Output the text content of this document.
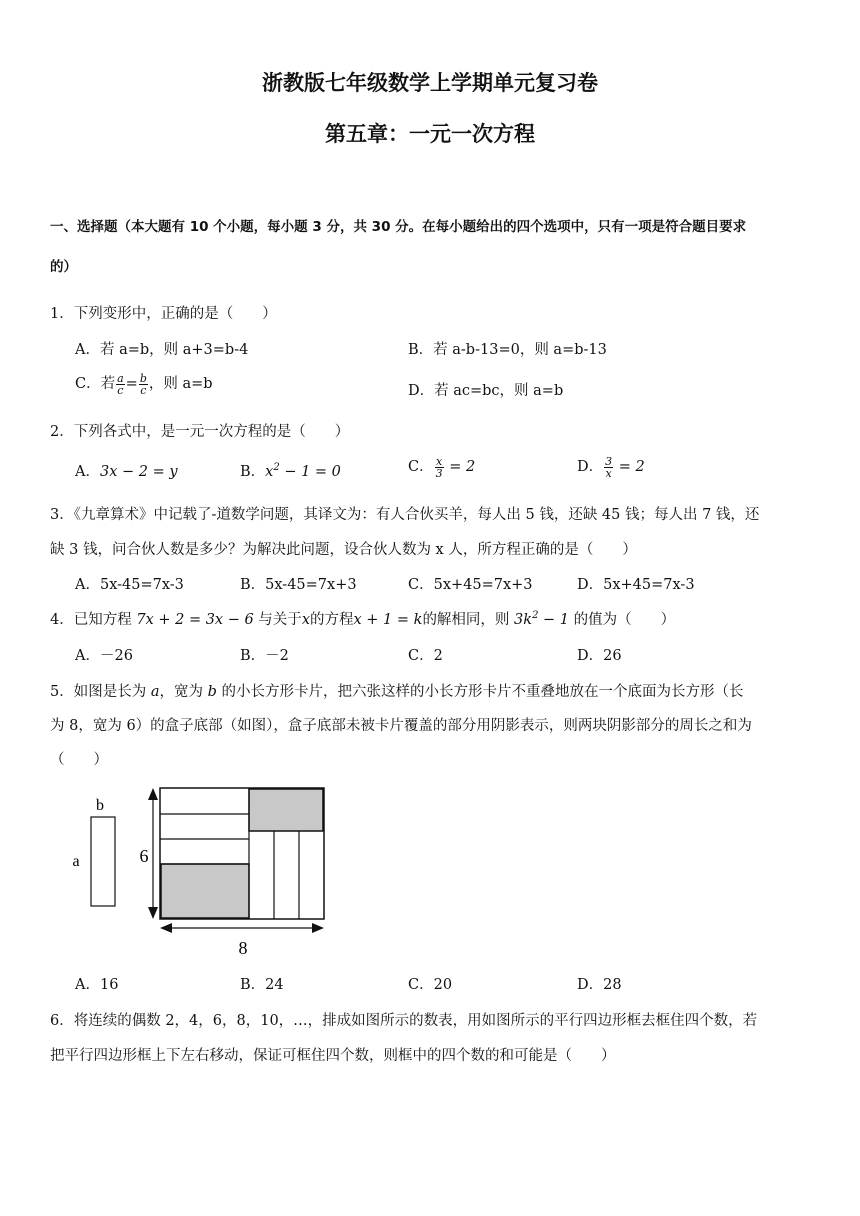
浙教版七年级数学上学期单元复习卷
第五章：一元一次方程
一、选择题（本大题有 10 个小题，每小题 3 分，共 30 分。在每小题给出的四个选项中，只有一项是符合题目要求
的）
1．下列变形中，正确的是（　　）
A．若 a=b，则 a+3=b-4	B．若 a-b-13=0，则 a=b-13
C．若 $\frac{a}{c} = \frac{b}{c}$ ，则 a=b	D．若 ac=bc，则 a=b
2．下列各式中，是一元一次方程的是（　　）
A．3x − 2 = y	B．$x^2 - 1 = 0$	C． $\frac{x}{3} = 2$	D． $\frac{3}{x} = 2$
3．《九章算术》中记载了-道数学问题，其译文为：有人合伙买羊，每人出 5 钱，还缺 45 钱；每人出 7 钱，还
缺 3 钱，问合伙人数是多少？为解决此问题，设合伙人数为 x 人，所方程正确的是（　　）
A．5x-45=7x-3	B．5x-45=7x+3	C．5x+45=7x+3	D．5x+45=7x-3
4．已知方程 7x + 2 = 3x − 6 与关于x的方程x + 1 = k的解相同，则 $3k^2 - 1$ 的值为（　　）
A．－26	B．－2	C．2	D．26
5．如图是长为 a，宽为 b 的小长方形卡片，把六张这样的小长方形卡片不重叠地放在一个底面为长方形（长
为 8，宽为 6）的盒子底部（如图），盒子底部未被卡片覆盖的部分用阴影表示，则两块阴影部分的周长之和为
（　　）
b
a	6
8
A．16	B．24	C．20	D．28
6．将连续的偶数 2，4，6，8，10，…，排成如图所示的数表，用如图所示的平行四边形框去框住四个数，若
把平行四边形框上下左右移动，保证可框住四个数，则框中的四个数的和可能是（　　）
